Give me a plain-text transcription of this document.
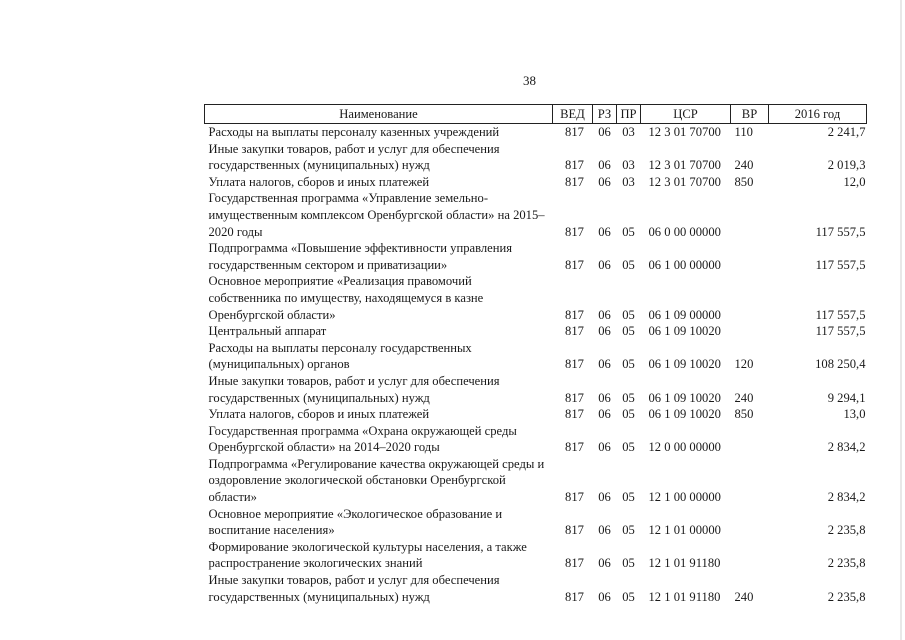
38
Наименование	ВЕД	РЗ	ПР	ЦСР	ВР	2016 год

Расходы на выплаты персоналу казенных учреждений	817	06	03	12 3 01 70700	110	2 241,7

Иные закупки товаров, работ и услуг для обеспечения
государственных (муниципальных) нужд	817	06	03	12 3 01 70700	240	2 019,3

Уплата налогов, сборов и иных платежей	817	06	03	12 3 01 70700	850	12,0

Государственная программа «Управление земельно-
имущественным комплексом Оренбургской области» на 2015–
2020 годы	817	06	05	06 0 00 00000		117 557,5

Подпрограмма «Повышение эффективности управления
государственным сектором и приватизации»	817	06	05	06 1 00 00000		117 557,5

Основное мероприятие «Реализация правомочий
собственника по имуществу, находящемуся в казне
Оренбургской области»	817	06	05	06 1 09 00000		117 557,5

Центральный аппарат	817	06	05	06 1 09 10020		117 557,5

Расходы на выплаты персоналу государственных
(муниципальных) органов	817	06	05	06 1 09 10020	120	108 250,4

Иные закупки товаров, работ и услуг для обеспечения
государственных (муниципальных) нужд	817	06	05	06 1 09 10020	240	9 294,1

Уплата налогов, сборов и иных платежей	817	06	05	06 1 09 10020	850	13,0

Государственная программа «Охрана окружающей среды
Оренбургской области» на 2014–2020 годы	817	06	05	12 0 00 00000		2 834,2

Подпрограмма «Регулирование качества окружающей среды и
оздоровление экологической обстановки Оренбургской
области»	817	06	05	12 1 00 00000		2 834,2

Основное мероприятие «Экологическое образование и
воспитание населения»	817	06	05	12 1 01 00000		2 235,8

Формирование экологической культуры населения, а также
распространение экологических знаний	817	06	05	12 1 01 91180		2 235,8

Иные закупки товаров, работ и услуг для обеспечения
государственных (муниципальных) нужд	817	06	05	12 1 01 91180	240	2 235,8
